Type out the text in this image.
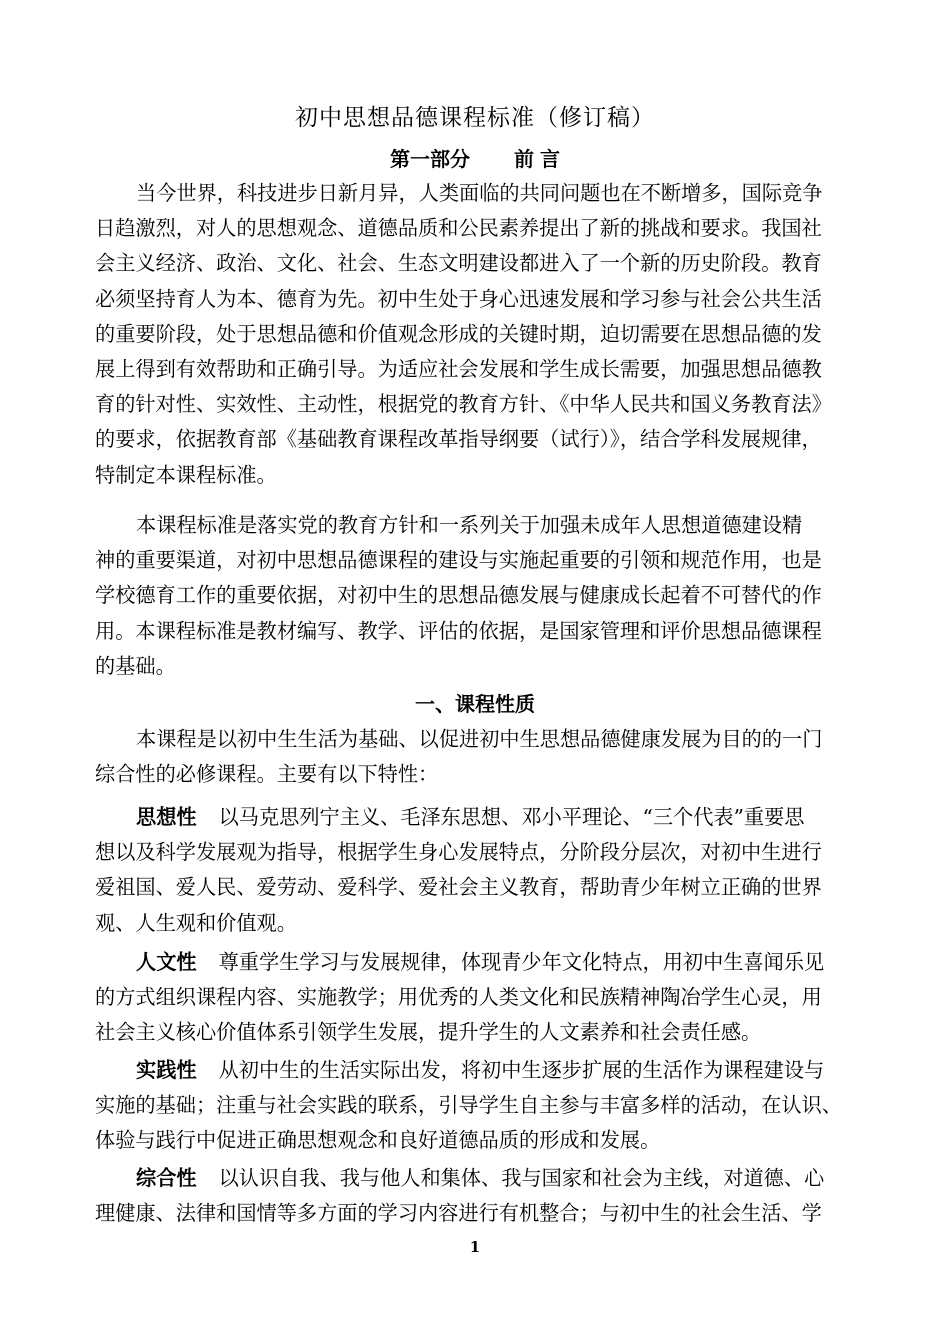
初中思想品德课程标准（修订稿）
第一部分 前 言

当今世界，科技进步日新月异，人类面临的共同问题也在不断增多，国际竞争
日趋激烈，对人的思想观念、道德品质和公民素养提出了新的挑战和要求。我国社
会主义经济、政治、文化、社会、生态文明建设都进入了一个新的历史阶段。教育
必须坚持育人为本、德育为先。初中生处于身心迅速发展和学习参与社会公共生活
的重要阶段，处于思想品德和价值观念形成的关键时期，迫切需要在思想品德的发
展上得到有效帮助和正确引导。为适应社会发展和学生成长需要，加强思想品德教
育的针对性、实效性、主动性，根据党的教育方针、《中华人民共和国义务教育法》
的要求，依据教育部《基础教育课程改革指导纲要（试行）》，结合学科发展规律，
特制定本课程标准。

本课程标准是落实党的教育方针和一系列关于加强未成年人思想道德建设精
神的重要渠道，对初中思想品德课程的建设与实施起重要的引领和规范作用，也是
学校德育工作的重要依据，对初中生的思想品德发展与健康成长起着不可替代的作
用。本课程标准是教材编写、教学、评估的依据，是国家管理和评价思想品德课程
的基础。

一、课程性质

本课程是以初中生生活为基础、以促进初中生思想品德健康发展为目的的一门
综合性的必修课程。主要有以下特性：

思想性 以马克思列宁主义、毛泽东思想、邓小平理论、“三个代表”重要思
想以及科学发展观为指导，根据学生身心发展特点，分阶段分层次，对初中生进行
爱祖国、爱人民、爱劳动、爱科学、爱社会主义教育，帮助青少年树立正确的世界
观、人生观和价值观。

人文性 尊重学生学习与发展规律，体现青少年文化特点，用初中生喜闻乐见
的方式组织课程内容、实施教学；用优秀的人类文化和民族精神陶冶学生心灵，用
社会主义核心价值体系引领学生发展，提升学生的人文素养和社会责任感。

实践性 从初中生的生活实际出发，将初中生逐步扩展的生活作为课程建设与
实施的基础；注重与社会实践的联系，引导学生自主参与丰富多样的活动，在认识、
体验与践行中促进正确思想观念和良好道德品质的形成和发展。

综合性 以认识自我、我与他人和集体、我与国家和社会为主线，对道德、心
理健康、法律和国情等多方面的学习内容进行有机整合；与初中生的社会生活、学

1
